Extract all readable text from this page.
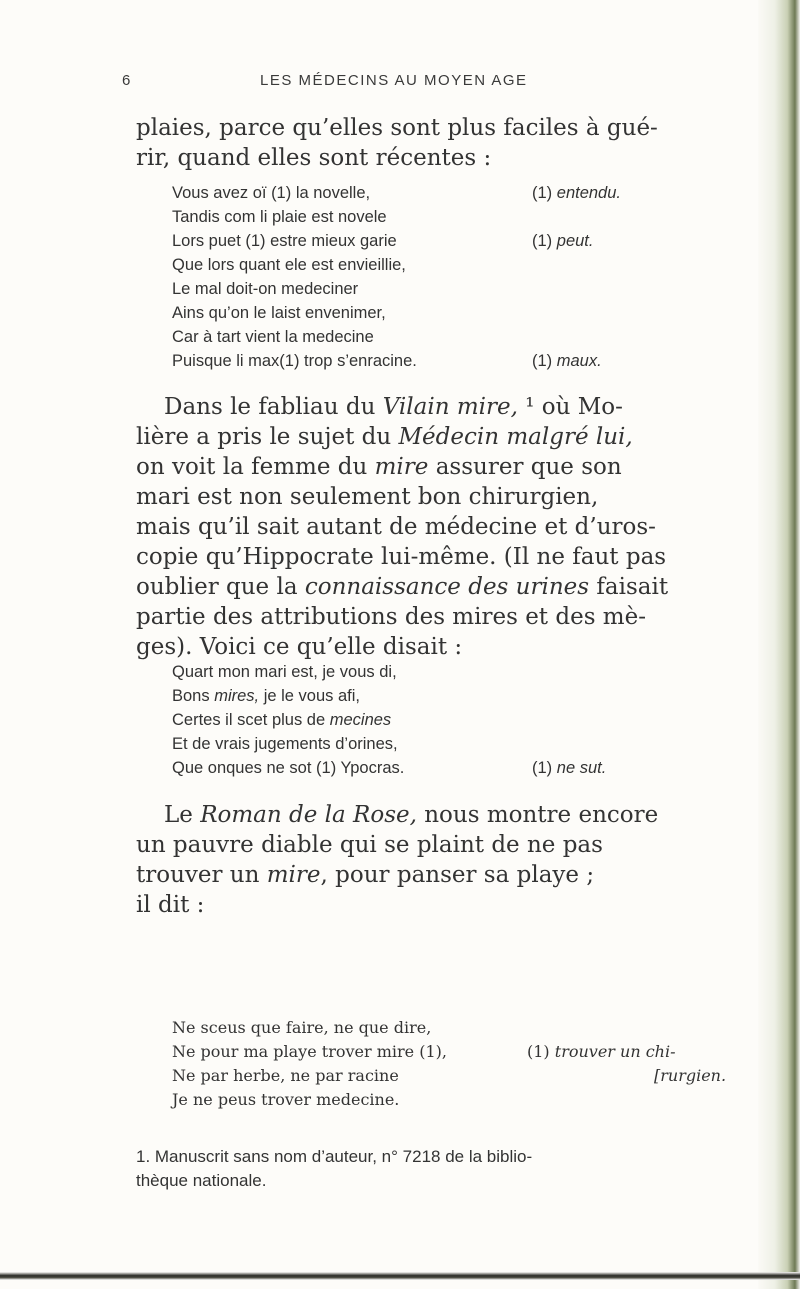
6	LES MÉDECINS AU MOYEN AGE

plaies, parce qu’elles sont plus faciles à gué-

rir, quand elles sont récentes :

Vous avez oï (1) la novelle,	(1) entendu.
Tandis com li plaie est novele
Lors puet (1) estre mieux garie	(1) peut.
Que lors quant ele est envieillie,
Le mal doit-on medeciner
Ains qu’on le laist envenimer,
Car à tart vient la medecine
Puisque li max(1) trop s’enracine.	(1) maux.

Dans le fabliau du Vilain mire, ¹ où Mo-

lière a pris le sujet du Médecin malgré lui,

on voit la femme du mire assurer que son

mari est non seulement bon chirurgien,

mais qu’il sait autant de médecine et d’uros-

copie qu’Hippocrate lui-même. (Il ne faut pas

oublier que la connaissance des urines faisait

partie des attributions des mires et des mè-

ges). Voici ce qu’elle disait :

Quart mon mari est, je vous di,
Bons mires, je le vous afi,
Certes il scet plus de mecines
Et de vrais jugements d’orines,
Que onques ne sot (1) Ypocras.	(1) ne sut.

Le Roman de la Rose, nous montre encore

un pauvre diable qui se plaint de ne pas

trouver un mire, pour panser sa playe ;

il dit :

Ne sceus que faire, ne que dire,
Ne pour ma playe trover mire (1),	(1) trouver un chi-
Ne par herbe, ne par racine	[rurgien.
Je ne peus trover medecine.
1. Manuscrit sans nom d’auteur, n° 7218 de la biblio-
thèque nationale.
